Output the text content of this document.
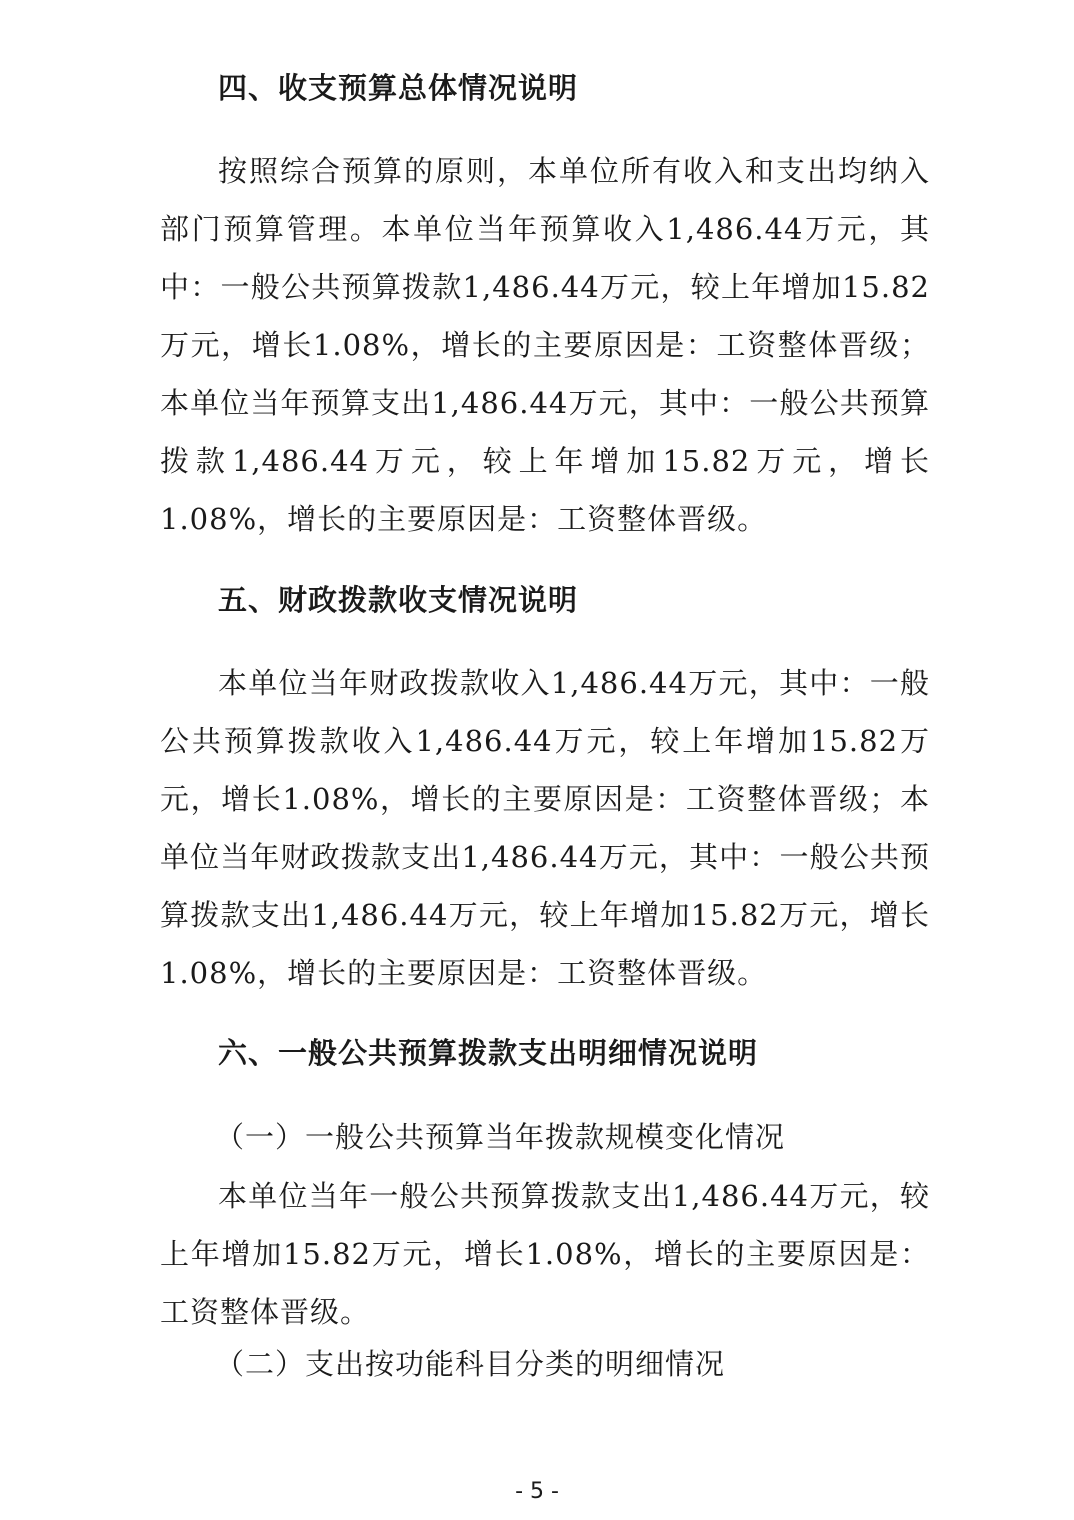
四、收支预算总体情况说明

按照综合预算的原则，本单位所有收入和支出均纳入部门预算管理。本单位当年预算收入1,486.44万元，其中：一般公共预算拨款1,486.44万元，较上年增加15.82万元，增长1.08%，增长的主要原因是：工资整体晋级；本单位当年预算支出1,486.44万元，其中：一般公共预算拨款1,486.44万元，较上年增加15.82万元，增长1.08%，增长的主要原因是：工资整体晋级。

五、财政拨款收支情况说明

本单位当年财政拨款收入1,486.44万元，其中：一般公共预算拨款收入1,486.44万元，较上年增加15.82万元，增长1.08%，增长的主要原因是：工资整体晋级；本单位当年财政拨款支出1,486.44万元，其中：一般公共预算拨款支出1,486.44万元，较上年增加15.82万元，增长1.08%，增长的主要原因是：工资整体晋级。

六、一般公共预算拨款支出明细情况说明

（一）一般公共预算当年拨款规模变化情况

本单位当年一般公共预算拨款支出1,486.44万元，较上年增加15.82万元，增长1.08%，增长的主要原因是：工资整体晋级。

（二）支出按功能科目分类的明细情况

- 5 -
